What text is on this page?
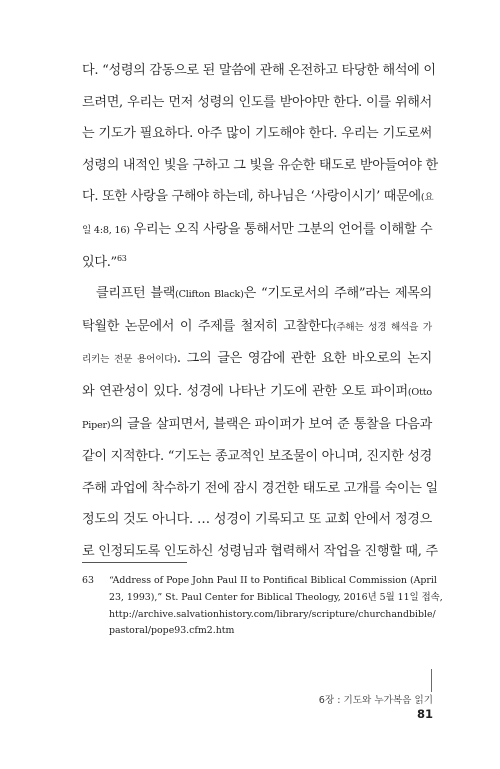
다. “성령의 감동으로 된 말씀에 관해 온전하고 타당한 해석에 이
르려면, 우리는 먼저 성령의 인도를 받아야만 한다. 이를 위해서
는 기도가 필요하다. 아주 많이 기도해야 한다. 우리는 기도로써
성령의 내적인 빛을 구하고 그 빛을 유순한 태도로 받아들여야 한
다. 또한 사랑을 구해야 하는데, 하나님은 ‘사랑이시기’ 때문에(요
일 4:8, 16) 우리는 오직 사랑을 통해서만 그분의 언어를 이해할 수
있다.”$^{63}$
클리프턴 블랙(Clifton Black)은 “기도로서의 주해”라는 제목의
탁월한 논문에서 이 주제를 철저히 고찰한다(주해는 성경 해석을 가
리키는 전문 용어이다). 그의 글은 영감에 관한 요한 바오로의 논지
와 연관성이 있다. 성경에 나타난 기도에 관한 오토 파이퍼(Otto
Piper)의 글을 살피면서, 블랙은 파이퍼가 보여 준 통찰을 다음과
같이 지적한다. “기도는 종교적인 보조물이 아니며, 진지한 성경
주해 과업에 착수하기 전에 잠시 경건한 태도로 고개를 숙이는 일
정도의 것도 아니다. … 성경이 기록되고 또 교회 안에서 정경으
로 인정되도록 인도하신 성령님과 협력해서 작업을 진행할 때, 주
63 “Address of Pope John Paul II to Pontifical Biblical Commission (April
23, 1993),” St. Paul Center for Biblical Theology, 2016년 5월 11일 접속,
http://archive.salvationhistory.com/library/scripture/churchandbible/
pastoral/pope93.cfm2.htm
6장 : 기도와 누가복음 읽기
81
